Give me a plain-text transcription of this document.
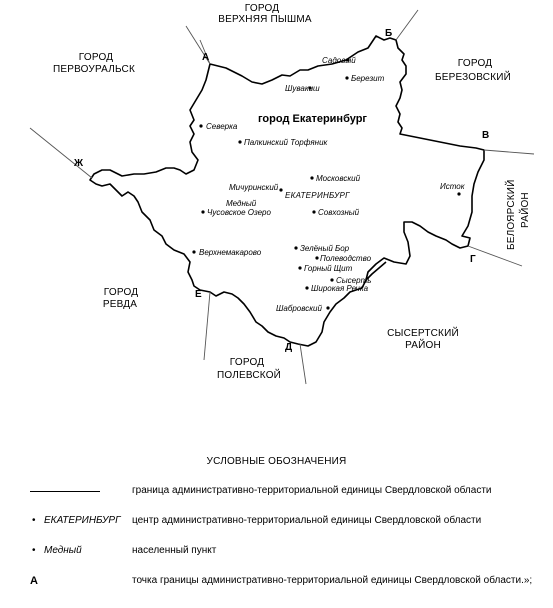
ГОРОД
ВЕРХНЯЯ ПЫШМА
ГОРОД
ПЕРВОУРАЛЬСК
ГОРОД
БЕРЕЗОВСКИЙ
БЕЛОЯРСКИЙ РАЙОН
ГОРОД
РЕВДА
СЫСЕРТСКИЙ
РАЙОН
ГОРОД
ПОЛЕВСКОЙ
город Екатеринбург
А
Б
В
Г
Д
Е
Ж
Садовый
Березит
Шувакиш
Северка
Палкинский Торфяник
Московский
Мичуринский
ЕКАТЕРИНБУРГ
Медный
Чусовское Озеро	Совхозный
Исток
Верхнемакарово	Зелёный Бор
Полеводство
Горный Щит
Сысерть
Широкая Речка
Шабровский
УСЛОВНЫЕ ОБОЗНАЧЕНИЯ
граница административно-территориальной единицы Свердловской области
• ЕКАТЕРИНБУРГ центр административно-территориальной единицы Свердловской области
• Медный	населенный пункт
А	точка границы административно-территориальной единицы Свердловской области.»;
